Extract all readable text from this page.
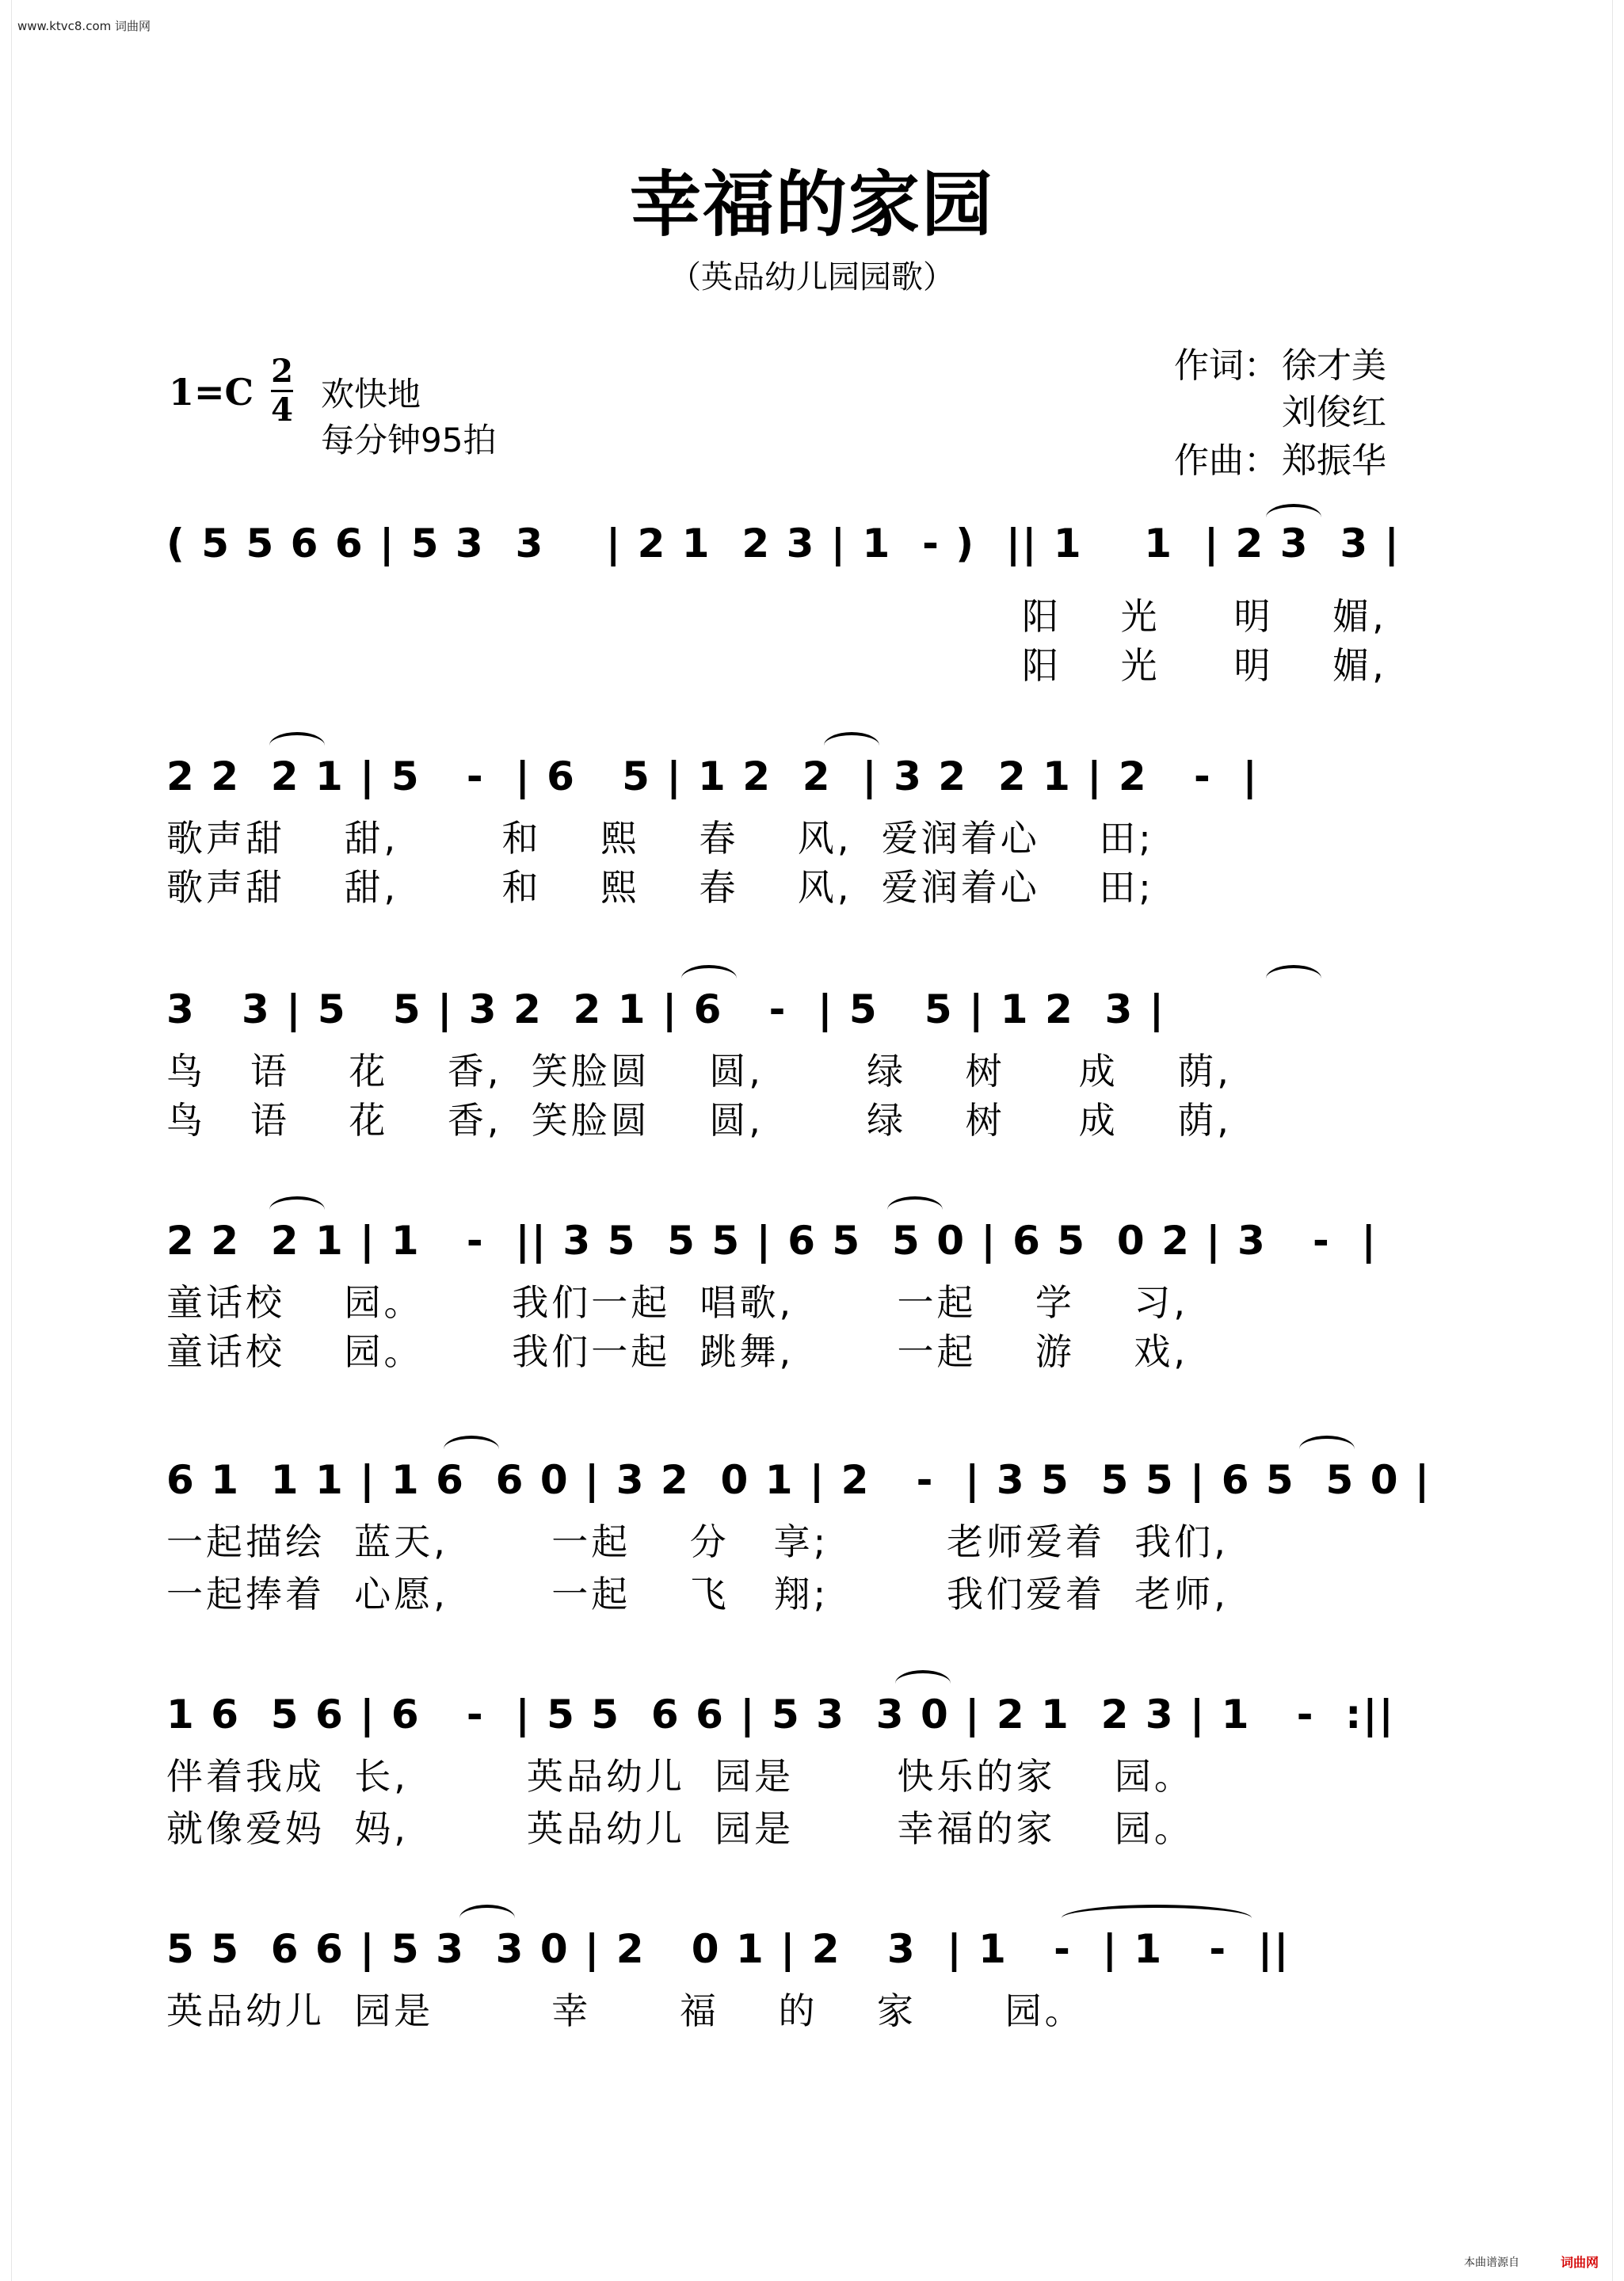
www.ktvc8.com 词曲网
幸福的家园
（英品幼儿园园歌）
1=C 2
4 欢快地
每分钟95拍
作词： 徐才美
刘俊红
作曲： 郑振华
( 5 5 6 6 | 5 3  3    | 2 1  2 3 | 1  - )  || 1    1  | 2 3  3 |
阳    光     明    媚,
阳    光     明    媚,
2 2  2 1 | 5   -  | 6   5 | 1 2  2  | 3 2  2 1 | 2   -  |
歌声甜    甜,       和    熙    春    风,  爱润着心    田;
歌声甜    甜,       和    熙    春    风,  爱润着心    田;
3   3 | 5   5 | 3 2  2 1 | 6   -  | 5   5 | 1 2  3 |
鸟   语    花    香,  笑脸圆    圆,       绿    树     成    荫,
鸟   语    花    香,  笑脸圆    圆,       绿    树     成    荫,
2 2  2 1 | 1   -  || 3 5  5 5 | 6 5  5 0 | 6 5  0 2 | 3   -  |
童话校    园。      我们一起  唱歌,       一起    学    习,
童话校    园。      我们一起  跳舞,       一起    游    戏,
6 1  1 1 | 1 6  6 0 | 3 2  0 1 | 2   -  | 3 5  5 5 | 6 5  5 0 |
一起描绘  蓝天,       一起    分   享;        老师爱着  我们,
一起捧着  心愿,       一起    飞   翔;        我们爱着  老师,
1 6  5 6 | 6   -  | 5 5  6 6 | 5 3  3 0 | 2 1  2 3 | 1   -  :||
伴着我成  长,        英品幼儿  园是       快乐的家    园。
就像爱妈  妈,        英品幼儿  园是       幸福的家    园。
5 5  6 6 | 5 3  3 0 | 2   0 1 | 2   3  | 1   -  | 1   -  ||
英品幼儿  园是        幸      福    的    家      园。
本曲谱源自	词曲网
